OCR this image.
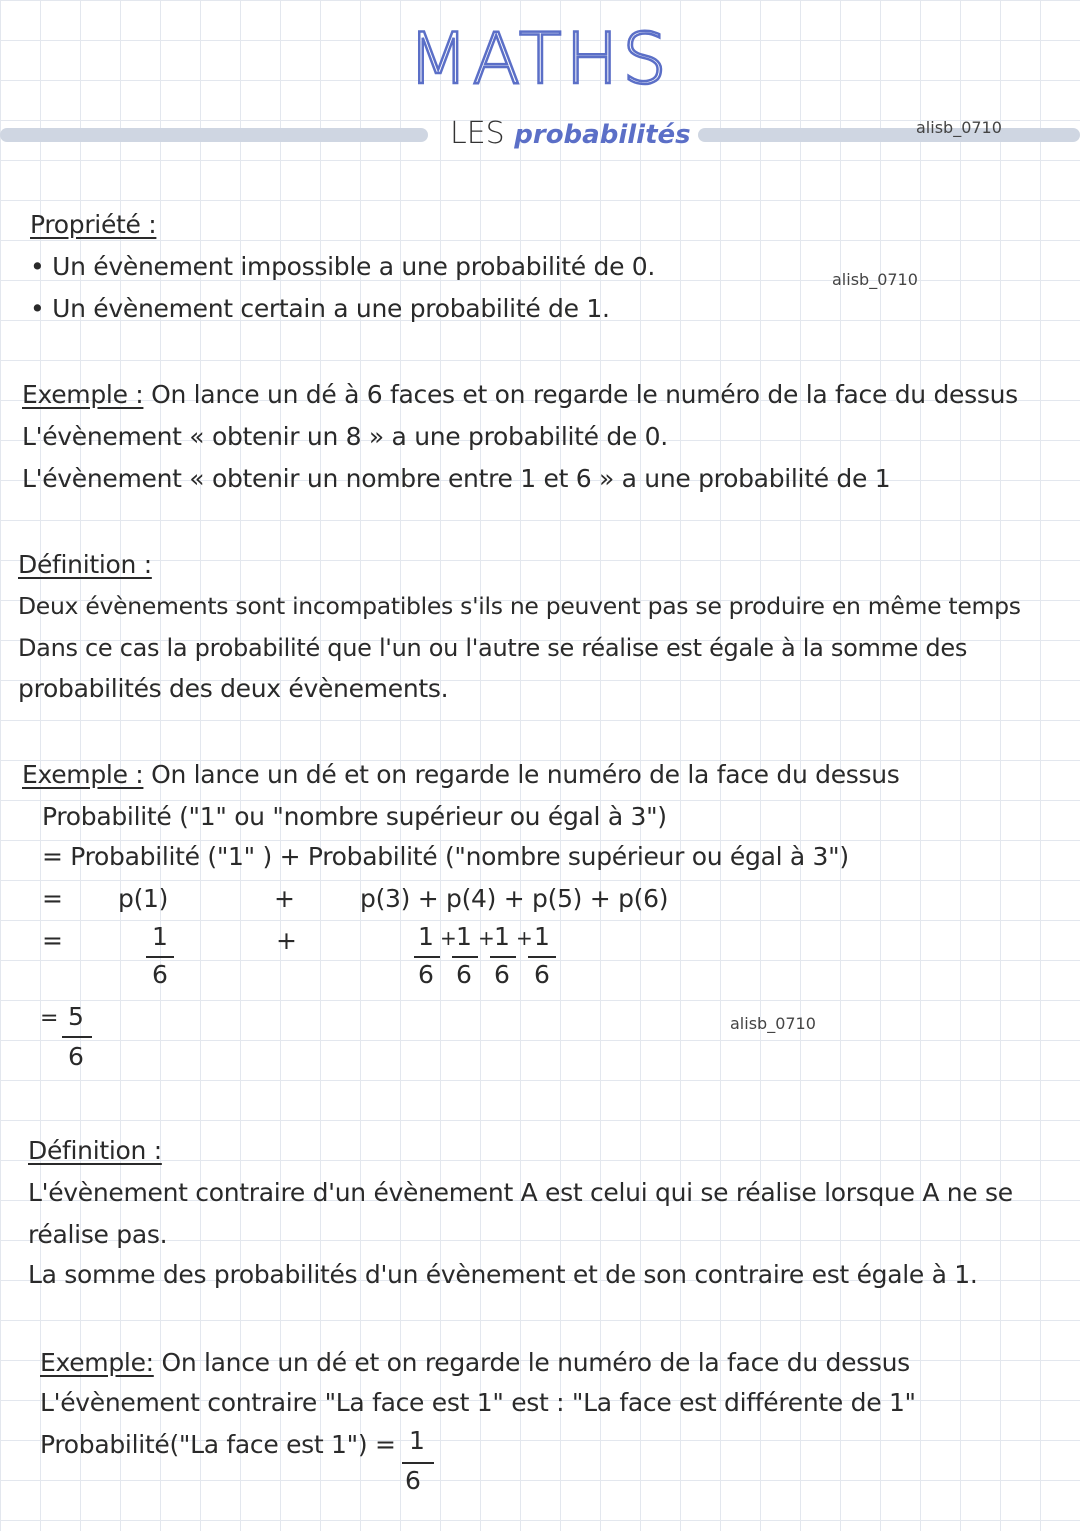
MATHS
LES probabilités	alisb_0710
Propriété :
• Un évènement impossible a une probabilité de 0.
• Un évènement certain a une probabilité de 1.
alisb_0710
Exemple : On lance un dé à 6 faces et on regarde le numéro de la face du dessus
L'évènement « obtenir un 8 » a une probabilité de 0.
L'évènement « obtenir un nombre entre 1 et 6 » a une probabilité de 1
Définition :
Deux évènements sont incompatibles s'ils ne peuvent pas se produire en même temps
Dans ce cas la probabilité que l'un ou l'autre se réalise est égale à la somme des
probabilités des deux évènements.
Exemple : On lance un dé et on regarde le numéro de la face du dessus
Probabilité ("1" ou "nombre supérieur ou égal à 3")
= Probabilité ("1" ) + Probabilité ("nombre supérieur ou égal à 3")
= p(1)	+	p(3) + p(4) + p(5) + p(6)
=	1
6
+	1
6
+ 1
6
+ 1
6
+ 1
6
= 5
6
alisb_0710
Définition :
L'évènement contraire d'un évènement A est celui qui se réalise lorsque A ne se
réalise pas.
La somme des probabilités d'un évènement et de son contraire est égale à 1.
Exemple: On lance un dé et on regarde le numéro de la face du dessus
L'évènement contraire "La face est 1" est : "La face est différente de 1"
Probabilité("La face est 1") = 1
6
